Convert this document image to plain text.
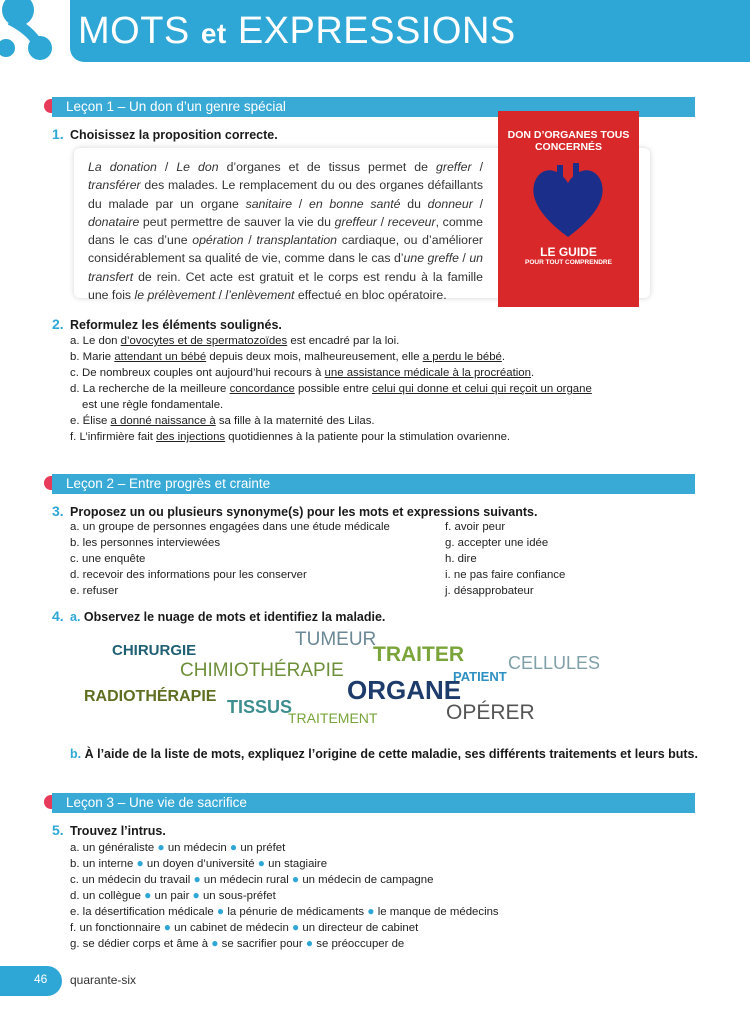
MOTS et EXPRESSIONS
Leçon 1 – Un don d’un genre spécial
1. Choisissez la proposition correcte.

La donation / Le don d’organes et de tissus permet de greffer / transférer des malades. Le remplacement du ou des organes défaillants du malade par un organe sanitaire / en bonne santé du donneur / donataire peut permettre de sauver la vie du greffeur / receveur, comme dans le cas d’une opération / transplantation cardiaque, ou d’améliorer considérablement sa qualité de vie, comme dans le cas d’une greffe / un transfert de rein. Cet acte est gratuit et le corps est rendu à la famille une fois le prélèvement / l’enlèvement effectué en bloc opératoire.

DON D’ORGANES TOUS CONCERNÉS
LE GUIDE
POUR TOUT COMPRENDRE
2. Reformulez les éléments soulignés.
a. Le don d’ovocytes et de spermatozoïdes est encadré par la loi.
b. Marie attendant un bébé depuis deux mois, malheureusement, elle a perdu le bébé.
c. De nombreux couples ont aujourd’hui recours à une assistance médicale à la procréation.
d. La recherche de la meilleure concordance possible entre celui qui donne et celui qui reçoit un organe
est une règle fondamentale.
e. Élise a donné naissance à sa fille à la maternité des Lilas.
f. L’infirmière fait des injections quotidiennes à la patiente pour la stimulation ovarienne.
Leçon 2 – Entre progrès et crainte
3. Proposez un ou plusieurs synonyme(s) pour les mots et expressions suivants.
a. un groupe de personnes engagées dans une étude médicale
b. les personnes interviewées
c. une enquête
d. recevoir des informations pour les conserver
e. refuser
f. avoir peur
g. accepter une idée
h. dire
i. ne pas faire confiance
j. désapprobateur
4. a. Observez le nuage de mots et identifiez la maladie.
CHIRURGIE
TUMEUR
TRAITER CELLULES
CHIMIOTHÉRAPIE	PATIENT
ORGANE
RADIOTHÉRAPIE
TISSUS
TRAITEMENT	OPÉRER
b. À l’aide de la liste de mots, expliquez l’origine de cette maladie, ses différents traitements et leurs buts.
Leçon 3 – Une vie de sacrifice
5. Trouvez l’intrus.
a. un généraliste ● un médecin ● un préfet
b. un interne ● un doyen d’université ● un stagiaire
c. un médecin du travail ● un médecin rural ● un médecin de campagne
d. un collègue ● un pair ● un sous-préfet
e. la désertification médicale ● la pénurie de médicaments ● le manque de médecins
f. un fonctionnaire ● un cabinet de médecin ● un directeur de cabinet
g. se dédier corps et âme à ● se sacrifier pour ● se préoccuper de
46 quarante-six
